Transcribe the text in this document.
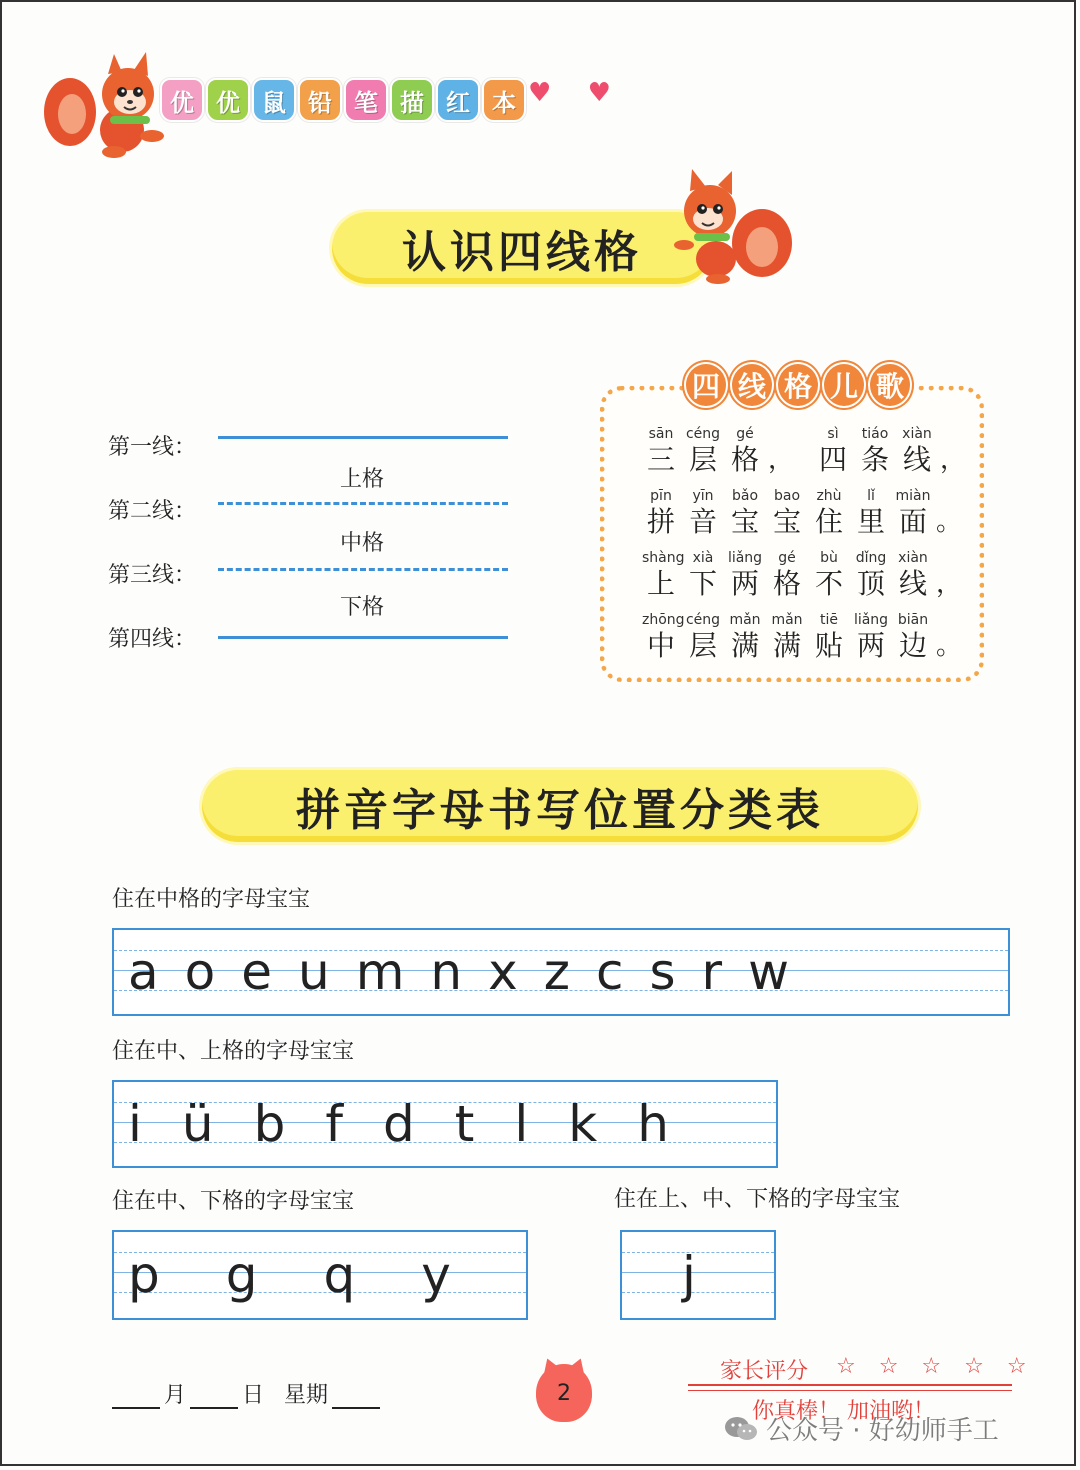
优 优 鼠 铅 笔 描 红 本 ♥ ♥
认识四线格
第一线：
上格
第二线：
中格
第三线：
下格
第四线：
四 线 格 儿 歌
sān
三
céng
层
gé
格 ，
sì
四
tiáo
条
xiàn
线 ，
pīn
拼
yīn
音
bǎo
宝
bao
宝
zhù
住
lǐ
里
miàn
面 。
shàng
上
xià
下
liǎng
两
gé
格
bù
不
dǐng
顶
xiàn
线 ，
zhōng
中
céng
层
mǎn
满
mǎn
满
tiē
贴
liǎng
两
biān
边 。
拼音字母书写位置分类表
住在中格的字母宝宝
a o e u m n x z c s r w
住在中、上格的字母宝宝
i ü b f d t l k h
住在中、下格的字母宝宝
p g q y
住在上、中、下格的字母宝宝
j
月	日 星期	2
家长评分 ☆ ☆ ☆ ☆ ☆
你真棒！ 加油哟！
公众号 · 好幼师手工
